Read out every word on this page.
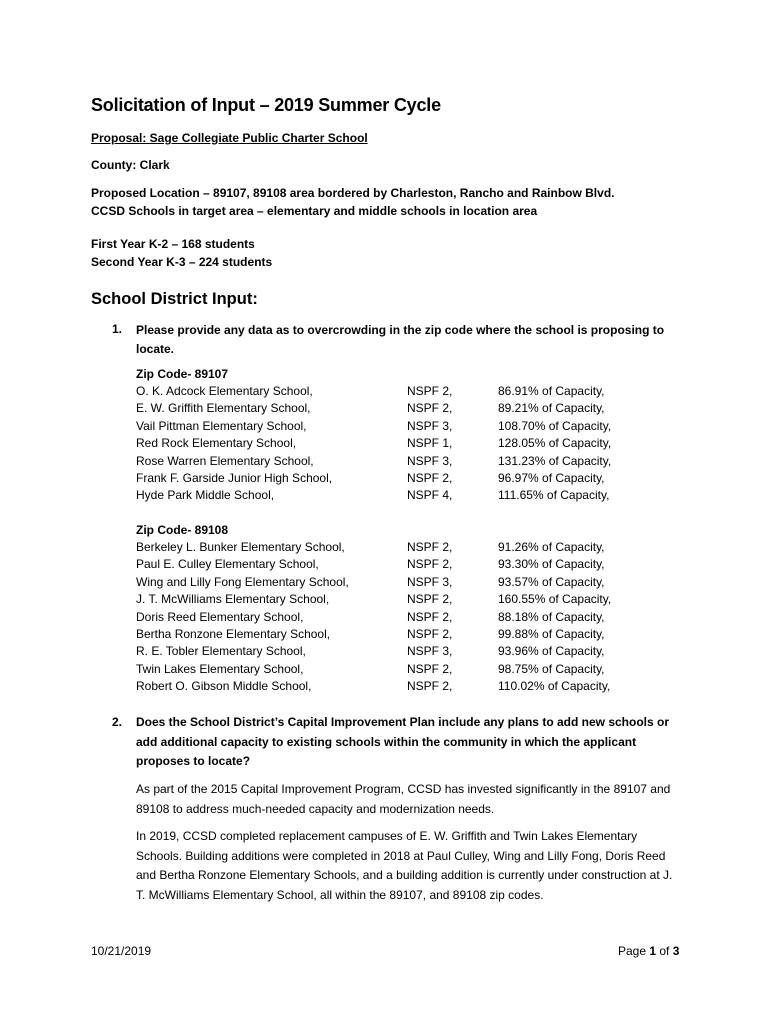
Solicitation of Input – 2019 Summer Cycle
Proposal: Sage Collegiate Public Charter School
County: Clark
Proposed Location – 89107, 89108 area bordered by Charleston, Rancho and Rainbow Blvd.
CCSD Schools in target area – elementary and middle schools in location area
First Year K-2 – 168 students
Second Year K-3 – 224 students
School District Input:
1. Please provide any data as to overcrowding in the zip code where the school is proposing to locate.
Zip Code- 89107
O. K. Adcock Elementary School,	NSPF 2,	86.91% of Capacity,
E. W. Griffith Elementary School,	NSPF 2,	89.21% of Capacity,
Vail Pittman Elementary School,	NSPF 3,	108.70% of Capacity,
Red Rock Elementary School,	NSPF 1,	128.05% of Capacity,
Rose Warren Elementary School,	NSPF 3,	131.23% of Capacity,
Frank F. Garside Junior High School,	NSPF 2,	96.97% of Capacity,
Hyde Park Middle School,	NSPF 4,	111.65% of Capacity,
Zip Code- 89108
Berkeley L. Bunker Elementary School,	NSPF 2,	91.26% of Capacity,
Paul E. Culley Elementary School,	NSPF 2,	93.30% of Capacity,
Wing and Lilly Fong Elementary School,	NSPF 3,	93.57% of Capacity,
J. T. McWilliams Elementary School,	NSPF 2,	160.55% of Capacity,
Doris Reed Elementary School,	NSPF 2,	88.18% of Capacity,
Bertha Ronzone Elementary School,	NSPF 2,	99.88% of Capacity,
R. E. Tobler Elementary School,	NSPF 3,	93.96% of Capacity,
Twin Lakes Elementary School,	NSPF 2,	98.75% of Capacity,
Robert O. Gibson Middle School,	NSPF 2,	110.02% of Capacity,
2. Does the School District’s Capital Improvement Plan include any plans to add new schools or add additional capacity to existing schools within the community in which the applicant proposes to locate?
As part of the 2015 Capital Improvement Program, CCSD has invested significantly in the 89107 and 89108 to address much-needed capacity and modernization needs.
In 2019, CCSD completed replacement campuses of E. W. Griffith and Twin Lakes Elementary Schools. Building additions were completed in 2018 at Paul Culley, Wing and Lilly Fong, Doris Reed and Bertha Ronzone Elementary Schools, and a building addition is currently under construction at J. T. McWilliams Elementary School, all within the 89107, and 89108 zip codes.
10/21/2019	Page 1 of 3
